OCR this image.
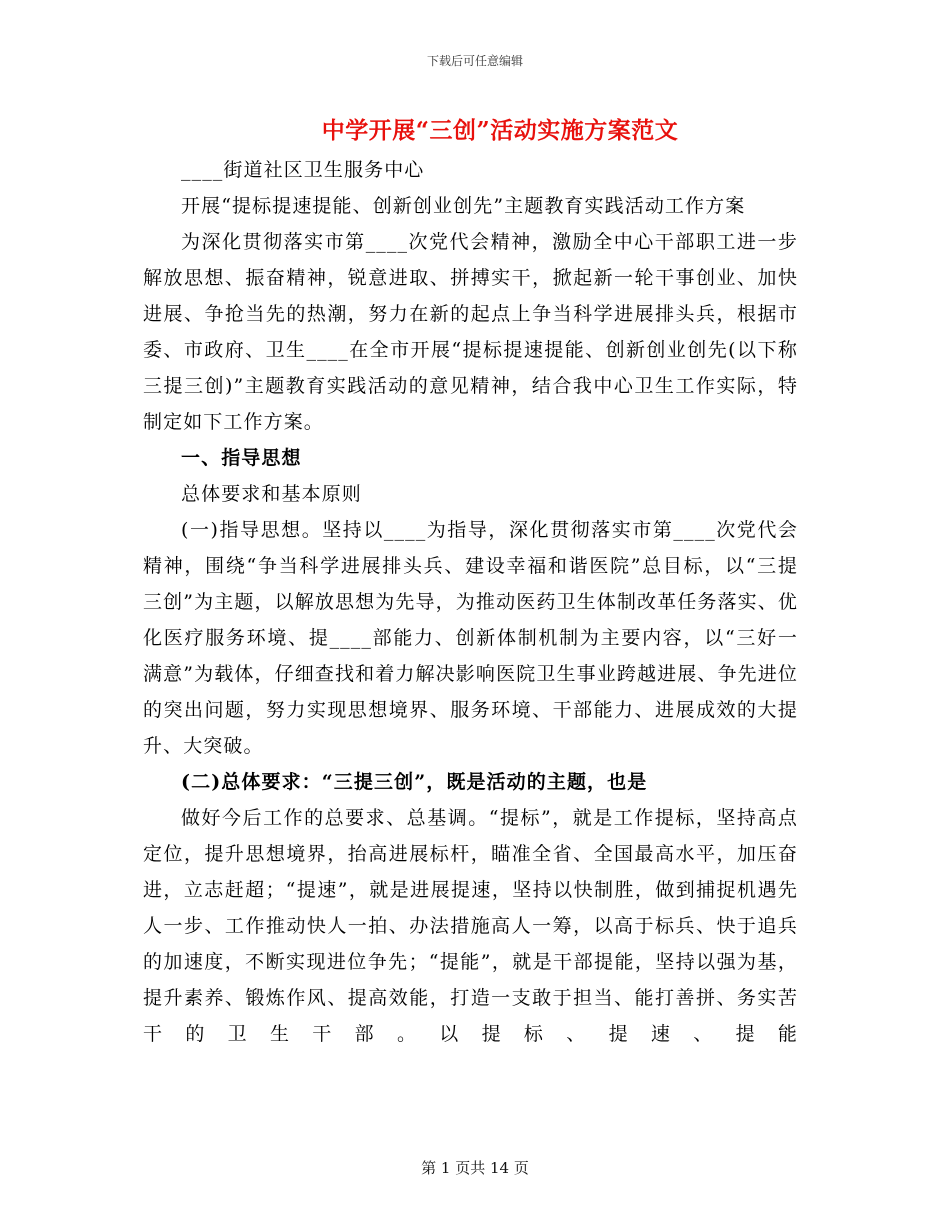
下载后可任意编辑
中学开展“三创”活动实施方案范文

____街道社区卫生服务中心

开展“提标提速提能、创新创业创先”主题教育实践活动工作方案

为深化贯彻落实市第____次党代会精神，激励全中心干部职工进一步解放思想、振奋精神，锐意进取、拼搏实干，掀起新一轮干事创业、加快进展、争抢当先的热潮，努力在新的起点上争当科学进展排头兵，根据市委、市政府、卫生____在全市开展“提标提速提能、创新创业创先(以下称三提三创)”主题教育实践活动的意见精神，结合我中心卫生工作实际，特制定如下工作方案。

一、指导思想

总体要求和基本原则

(一)指导思想。坚持以____为指导，深化贯彻落实市第____次党代会精神，围绕“争当科学进展排头兵、建设幸福和谐医院”总目标，以“三提三创”为主题，以解放思想为先导，为推动医药卫生体制改革任务落实、优化医疗服务环境、提____部能力、创新体制机制为主要内容，以“三好一满意”为载体，仔细查找和着力解决影响医院卫生事业跨越进展、争先进位的突出问题，努力实现思想境界、服务环境、干部能力、进展成效的大提升、大突破。

(二)总体要求：“三提三创”，既是活动的主题，也是

做好今后工作的总要求、总基调。“提标”，就是工作提标，坚持高点定位，提升思想境界，抬高进展标杆，瞄准全省、全国最高水平，加压奋进，立志赶超；“提速”，就是进展提速，坚持以快制胜，做到捕捉机遇先人一步、工作推动快人一拍、办法措施高人一筹，以高于标兵、快于追兵的加速度，不断实现进位争先；“提能”，就是干部提能，坚持以强为基，提升素养、锻炼作风、提高效能，打造一支敢于担当、能打善拼、务实苦干的卫生干部。以提标、提速、提能

第 1 页共 14 页
